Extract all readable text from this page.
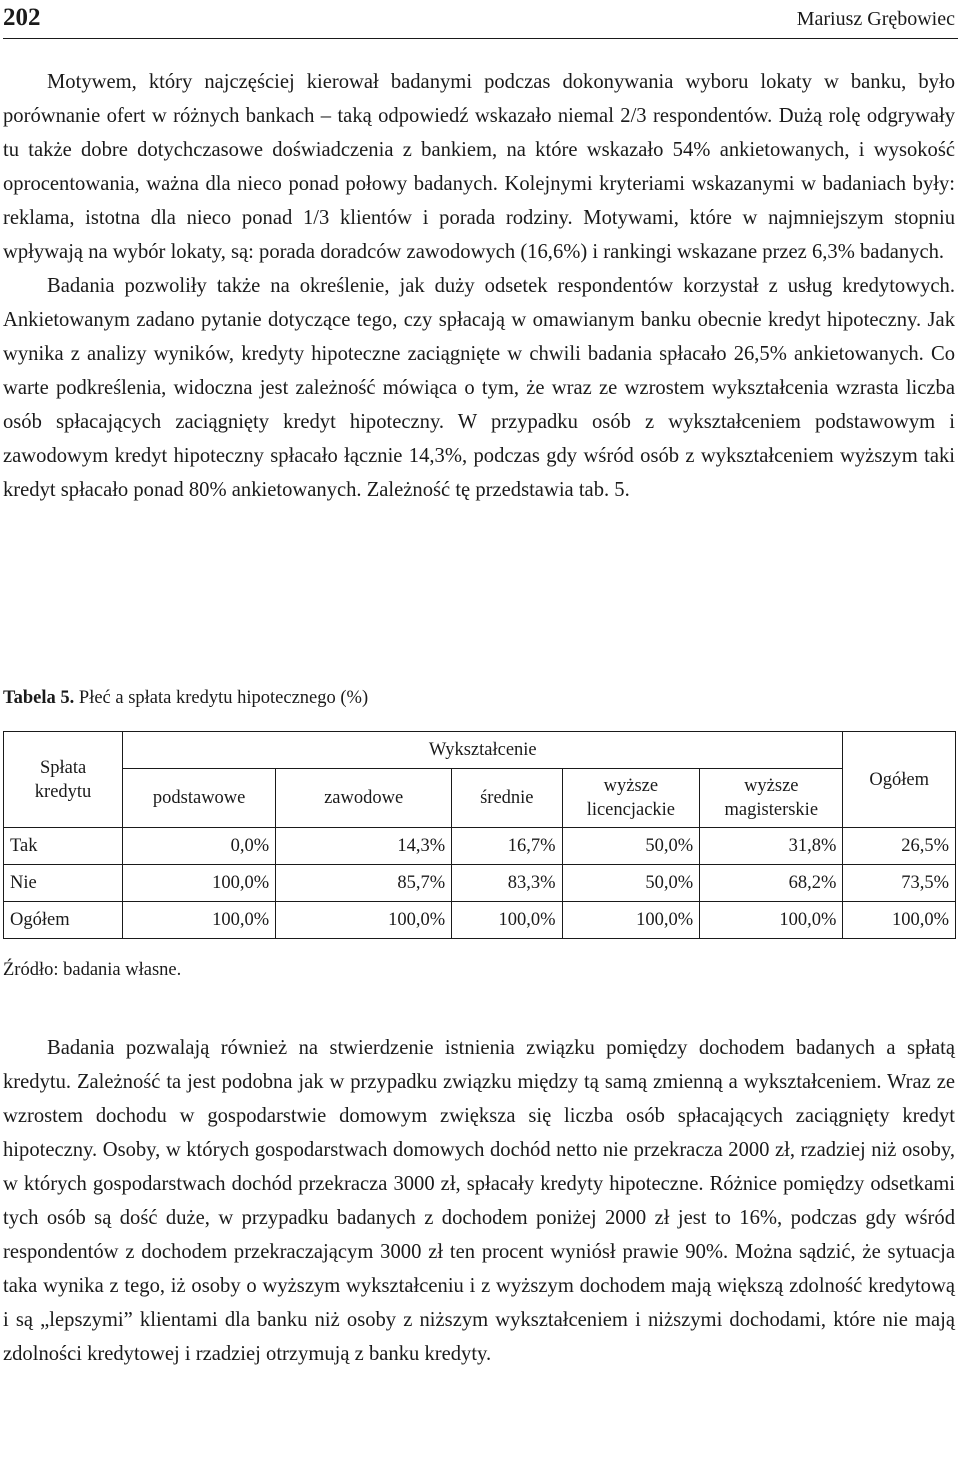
202	Mariusz Grębowiec

Motywem, który najczęściej kierował badanymi podczas dokonywania wyboru lokaty w banku, było porównanie ofert w różnych bankach – taką odpowiedź wskazało niemal 2/3 respondentów. Dużą rolę odgrywały tu także dobre dotychczasowe doświadczenia z bankiem, na które wskazało 54% ankietowanych, i wysokość oprocentowania, ważna dla nieco ponad połowy badanych. Kolejnymi kryteriami wskazanymi w badaniach były: reklama, istotna dla nieco ponad 1/3 klientów i porada rodziny. Motywami, które w najmniejszym stopniu wpływają na wybór lokaty, są: porada doradców zawodowych (16,6%) i rankingi wskazane przez 6,3% badanych.

Badania pozwoliły także na określenie, jak duży odsetek respondentów korzystał z usług kredytowych. Ankietowanym zadano pytanie dotyczące tego, czy spłacają w omawianym banku obecnie kredyt hipoteczny. Jak wynika z analizy wyników, kredyty hipoteczne zaciągnięte w chwili badania spłacało 26,5% ankietowanych. Co warte podkreślenia, widoczna jest zależność mówiąca o tym, że wraz ze wzrostem wykształcenia wzrasta liczba osób spłacających zaciągnięty kredyt hipoteczny. W przypadku osób z wykształceniem podstawowym i zawodowym kredyt hipoteczny spłacało łącznie 14,3%, podczas gdy wśród osób z wykształceniem wyższym taki kredyt spłacało ponad 80% ankietowanych. Zależność tę przedstawia tab. 5.

Tabela 5. Płeć a spłata kredytu hipotecznego (%)
Spłata kredytu	Wykształcenie					Ogółem
	podstawowe	zawodowe	średnie	wyższe licencjackie	wyższe magisterskie	
Tak	0,0%	14,3%	16,7%	50,0%	31,8%	26,5%
Nie	100,0%	85,7%	83,3%	50,0%	68,2%	73,5%
Ogółem	100,0%	100,0%	100,0%	100,0%	100,0%	100,0%
Źródło: badania własne.

Badania pozwalają również na stwierdzenie istnienia związku pomiędzy dochodem badanych a spłatą kredytu. Zależność ta jest podobna jak w przypadku związku między tą samą zmienną a wykształceniem. Wraz ze wzrostem dochodu w gospodarstwie domowym zwiększa się liczba osób spłacających zaciągnięty kredyt hipoteczny. Osoby, w których gospodarstwach domowych dochód netto nie przekracza 2000 zł, rzadziej niż osoby, w których gospodarstwach dochód przekracza 3000 zł, spłacały kredyty hipoteczne. Różnice pomiędzy odsetkami tych osób są dość duże, w przypadku badanych z dochodem poniżej 2000 zł jest to 16%, podczas gdy wśród respondentów z dochodem przekraczającym 3000 zł ten procent wyniósł prawie 90%. Można sądzić, że sytuacja taka wynika z tego, iż osoby o wyższym wykształceniu i z wyższym dochodem mają większą zdolność kredytową i są „lepszymi” klientami dla banku niż osoby z niższym wykształceniem i niższymi dochodami, które nie mają zdolności kredytowej i rzadziej otrzymują z banku kredyty.
